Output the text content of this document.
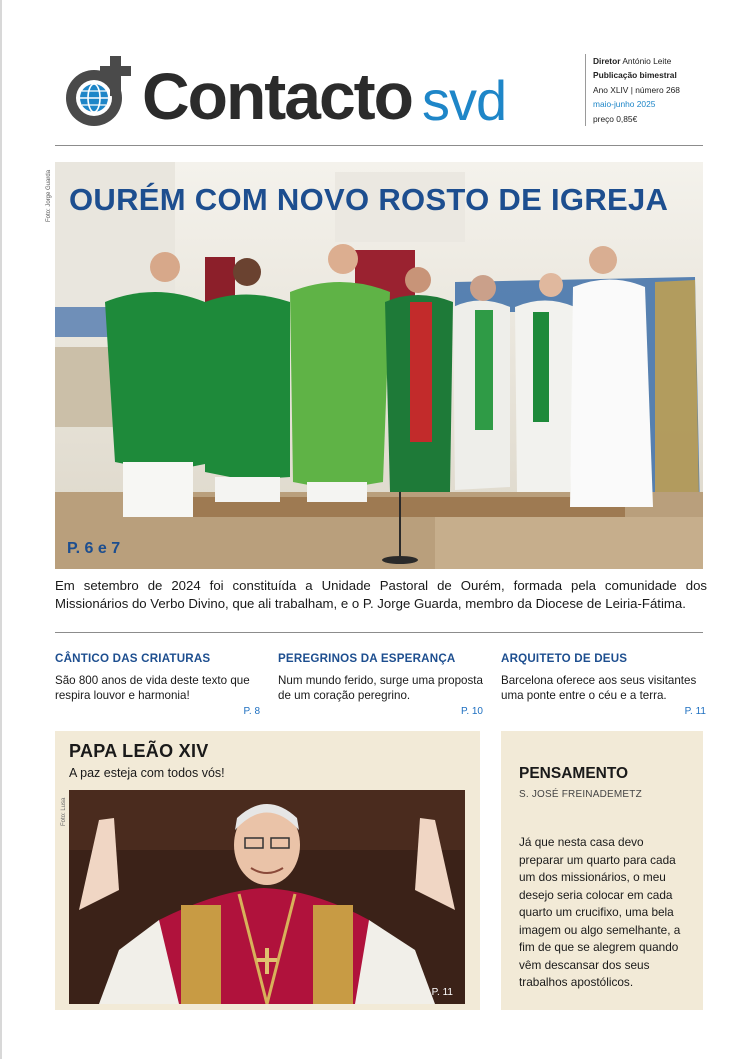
Contacto svd
Diretor António Leite
Publicação bimestral
Ano XLIV | número 268
maio-junho 2025
preço 0,85€
Foto: Jorge Guarda OURÉM COM NOVO ROSTO DE IGREJA
P. 6 e 7

Em setembro de 2024 foi constituída a Unidade Pastoral de Ourém, formada pela comunidade dos Missionários do Verbo Divino, que ali trabalham, e o P. Jorge Guarda, membro da Diocese de Leiria-Fátima.

CÂNTICO DAS CRIATURAS

São 800 anos de vida deste texto que respira louvor e harmonia!

P. 8
PEREGRINOS DA ESPERANÇA

Num mundo ferido, surge uma proposta de um coração peregrino.

P. 10
ARQUITETO DE DEUS

Barcelona oferece aos seus visitantes uma ponte entre o céu e a terra.

P. 11
PAPA LEÃO XIV
A paz esteja com todos vós!
P. 11
Foto: Lusa
PENSAMENTO
S. JOSÉ FREINADEMETZ

Já que nesta casa devo preparar um quarto para cada um dos missionários, o meu desejo seria colocar em cada quarto um crucifixo, uma bela imagem ou algo semelhante, a fim de que se alegrem quando vêm descansar dos seus trabalhos apostólicos.
